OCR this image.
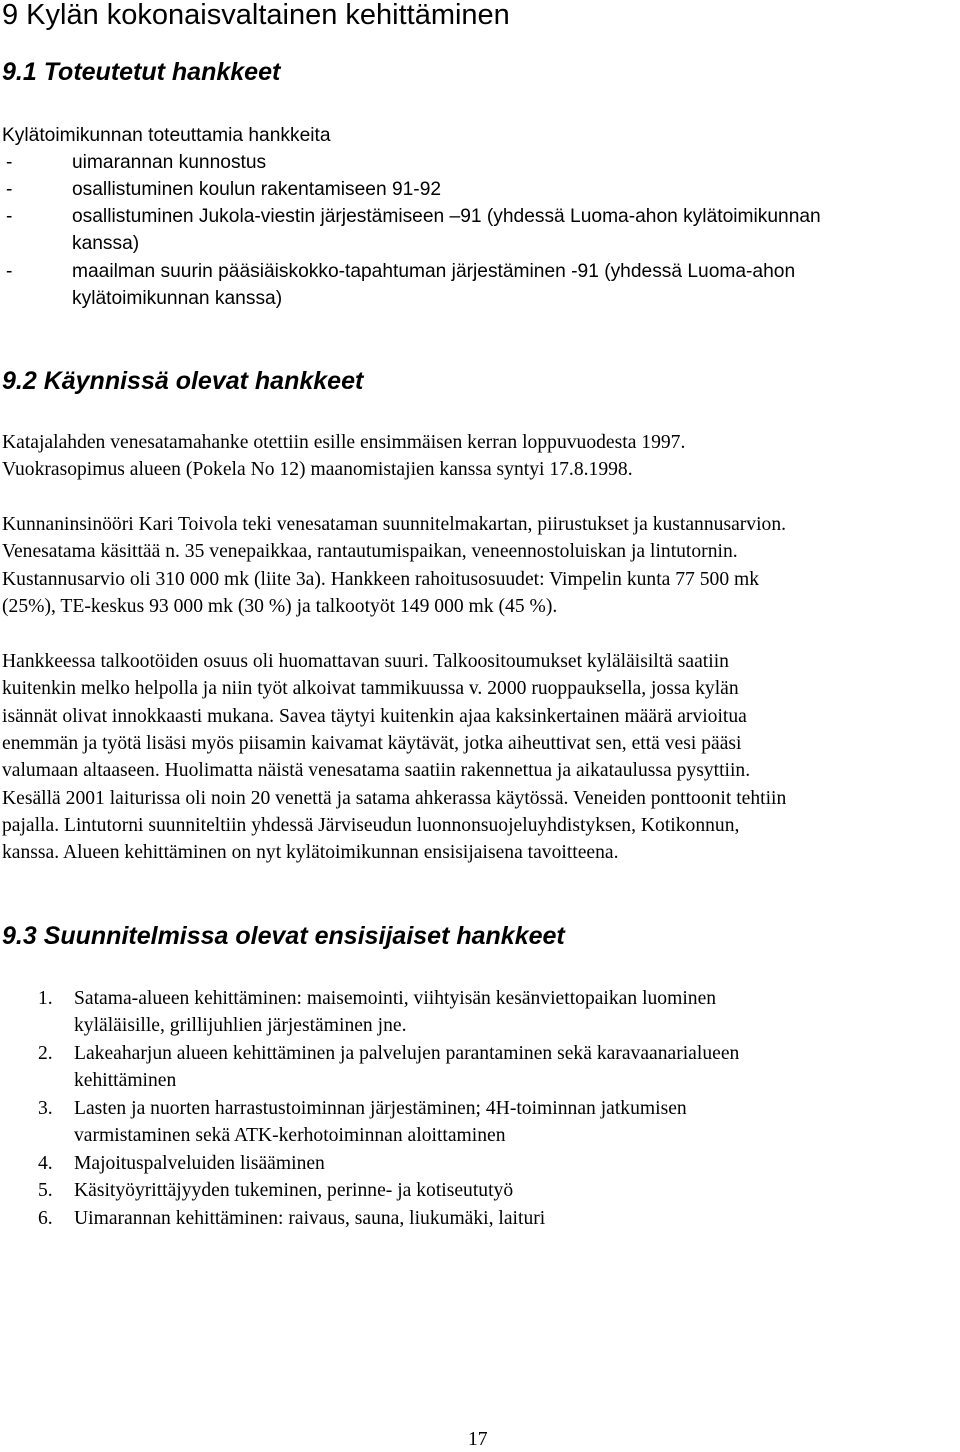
9 Kylän kokonaisvaltainen kehittäminen
9.1 Toteutetut hankkeet

Kylätoimikunnan toteuttamia hankkeita

-	uimarannan kunnostus

-	osallistuminen koulun rakentamiseen 91-92

-	osallistuminen Jukola-viestin järjestämiseen –91 (yhdessä Luoma-ahon kylätoimikunnan

kanssa)

-	maailman suurin pääsiäiskokko-tapahtuman järjestäminen -91 (yhdessä Luoma-ahon

kylätoimikunnan kanssa)

9.2 Käynnissä olevat hankkeet

Katajalahden venesatamahanke otettiin esille ensimmäisen kerran loppuvuodesta 1997.

Vuokrasopimus alueen (Pokela No 12) maanomistajien kanssa syntyi 17.8.1998.

Kunnaninsinööri Kari Toivola teki venesataman suunnitelmakartan, piirustukset ja kustannusarvion.

Venesatama käsittää n. 35 venepaikkaa, rantautumispaikan, veneennostoluiskan ja lintutornin.

Kustannusarvio oli 310 000 mk (liite 3a). Hankkeen rahoitusosuudet: Vimpelin kunta 77 500 mk

(25%), TE-keskus 93 000 mk (30 %) ja talkootyöt 149 000 mk (45 %).

Hankkeessa talkootöiden osuus oli huomattavan suuri. Talkoositoumukset kyläläisiltä saatiin

kuitenkin melko helpolla ja niin työt alkoivat tammikuussa v. 2000 ruoppauksella, jossa kylän

isännät olivat innokkaasti mukana. Savea täytyi kuitenkin ajaa kaksinkertainen määrä arvioitua

enemmän ja työtä lisäsi myös piisamin kaivamat käytävät, jotka aiheuttivat sen, että vesi pääsi

valumaan altaaseen. Huolimatta näistä venesatama saatiin rakennettua ja aikataulussa pysyttiin.

Kesällä 2001 laiturissa oli noin 20 venettä ja satama ahkerassa käytössä. Veneiden ponttoonit tehtiin

pajalla. Lintutorni suunniteltiin yhdessä Järviseudun luonnonsuojeluyhdistyksen, Kotikonnun,

kanssa. Alueen kehittäminen on nyt kylätoimikunnan ensisijaisena tavoitteena.

9.3 Suunnitelmissa olevat ensisijaiset hankkeet
1. Satama-alueen kehittäminen: maisemointi, viihtyisän kesänviettopaikan luominen

kyläläisille, grillijuhlien järjestäminen jne.

2. Lakeaharjun alueen kehittäminen ja palvelujen parantaminen sekä karavaanarialueen

kehittäminen

3. Lasten ja nuorten harrastustoiminnan järjestäminen; 4H-toiminnan jatkumisen

varmistaminen sekä ATK-kerhotoiminnan aloittaminen

4. Majoituspalveluiden lisääminen

5. Käsityöyrittäjyyden tukeminen, perinne- ja kotiseututyö

6. Uimarannan kehittäminen: raivaus, sauna, liukumäki, laituri

17
